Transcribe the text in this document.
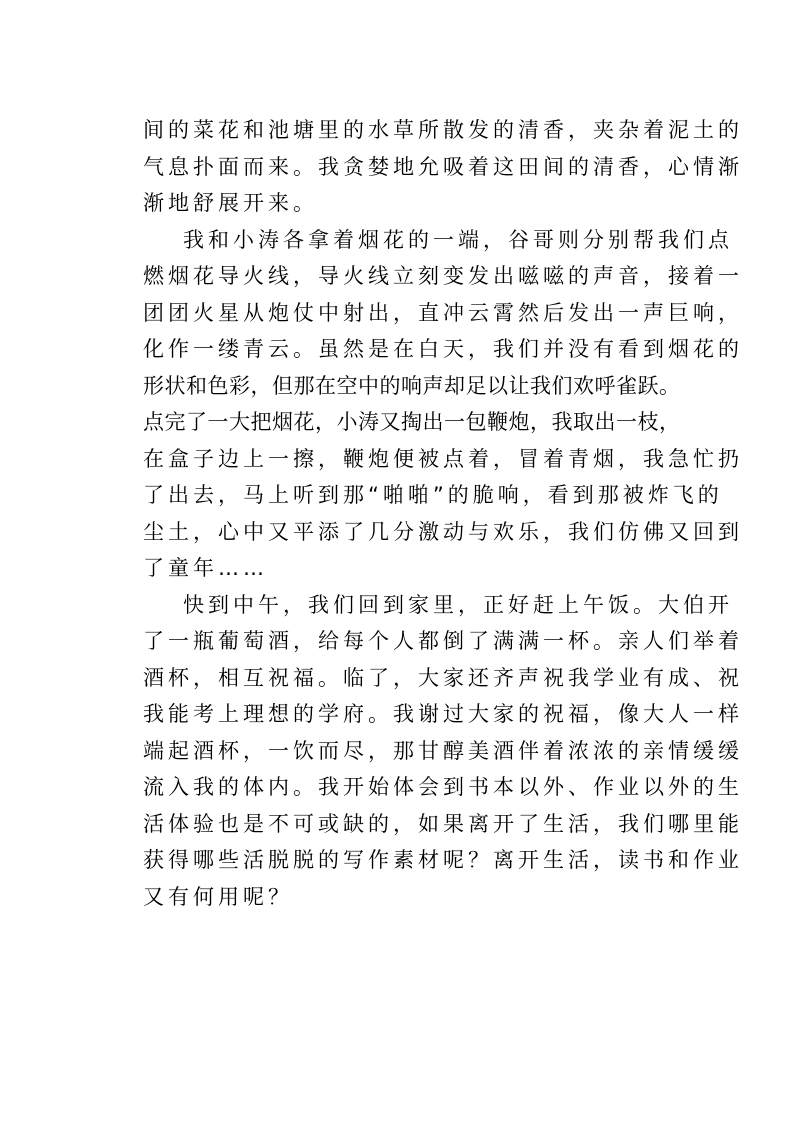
间的菜花和池塘里的水草所散发的清香，夹杂着泥土的
气息扑面而来。我贪婪地允吸着这田间的清香，心情渐
渐地舒展开来。
我和小涛各拿着烟花的一端，谷哥则分别帮我们点
燃烟花导火线，导火线立刻变发出嗞嗞的声音，接着一
团团火星从炮仗中射出，直冲云霄然后发出一声巨响，
化作一缕青云。虽然是在白天，我们并没有看到烟花的
形状和色彩，但那在空中的响声却足以让我们欢呼雀跃。
点完了一大把烟花，小涛又掏出一包鞭炮，我取出一枝，
在盒子边上一擦，鞭炮便被点着，冒着青烟，我急忙扔
了出去，马上听到那“啪啪”的脆响，看到那被炸飞的
尘土，心中又平添了几分激动与欢乐，我们仿佛又回到
了童年……
快到中午，我们回到家里，正好赶上午饭。大伯开
了一瓶葡萄酒，给每个人都倒了满满一杯。亲人们举着
酒杯，相互祝福。临了，大家还齐声祝我学业有成、祝
我能考上理想的学府。我谢过大家的祝福，像大人一样
端起酒杯，一饮而尽，那甘醇美酒伴着浓浓的亲情缓缓
流入我的体内。我开始体会到书本以外、作业以外的生
活体验也是不可或缺的，如果离开了生活，我们哪里能
获得哪些活脱脱的写作素材呢？离开生活，读书和作业
又有何用呢？
